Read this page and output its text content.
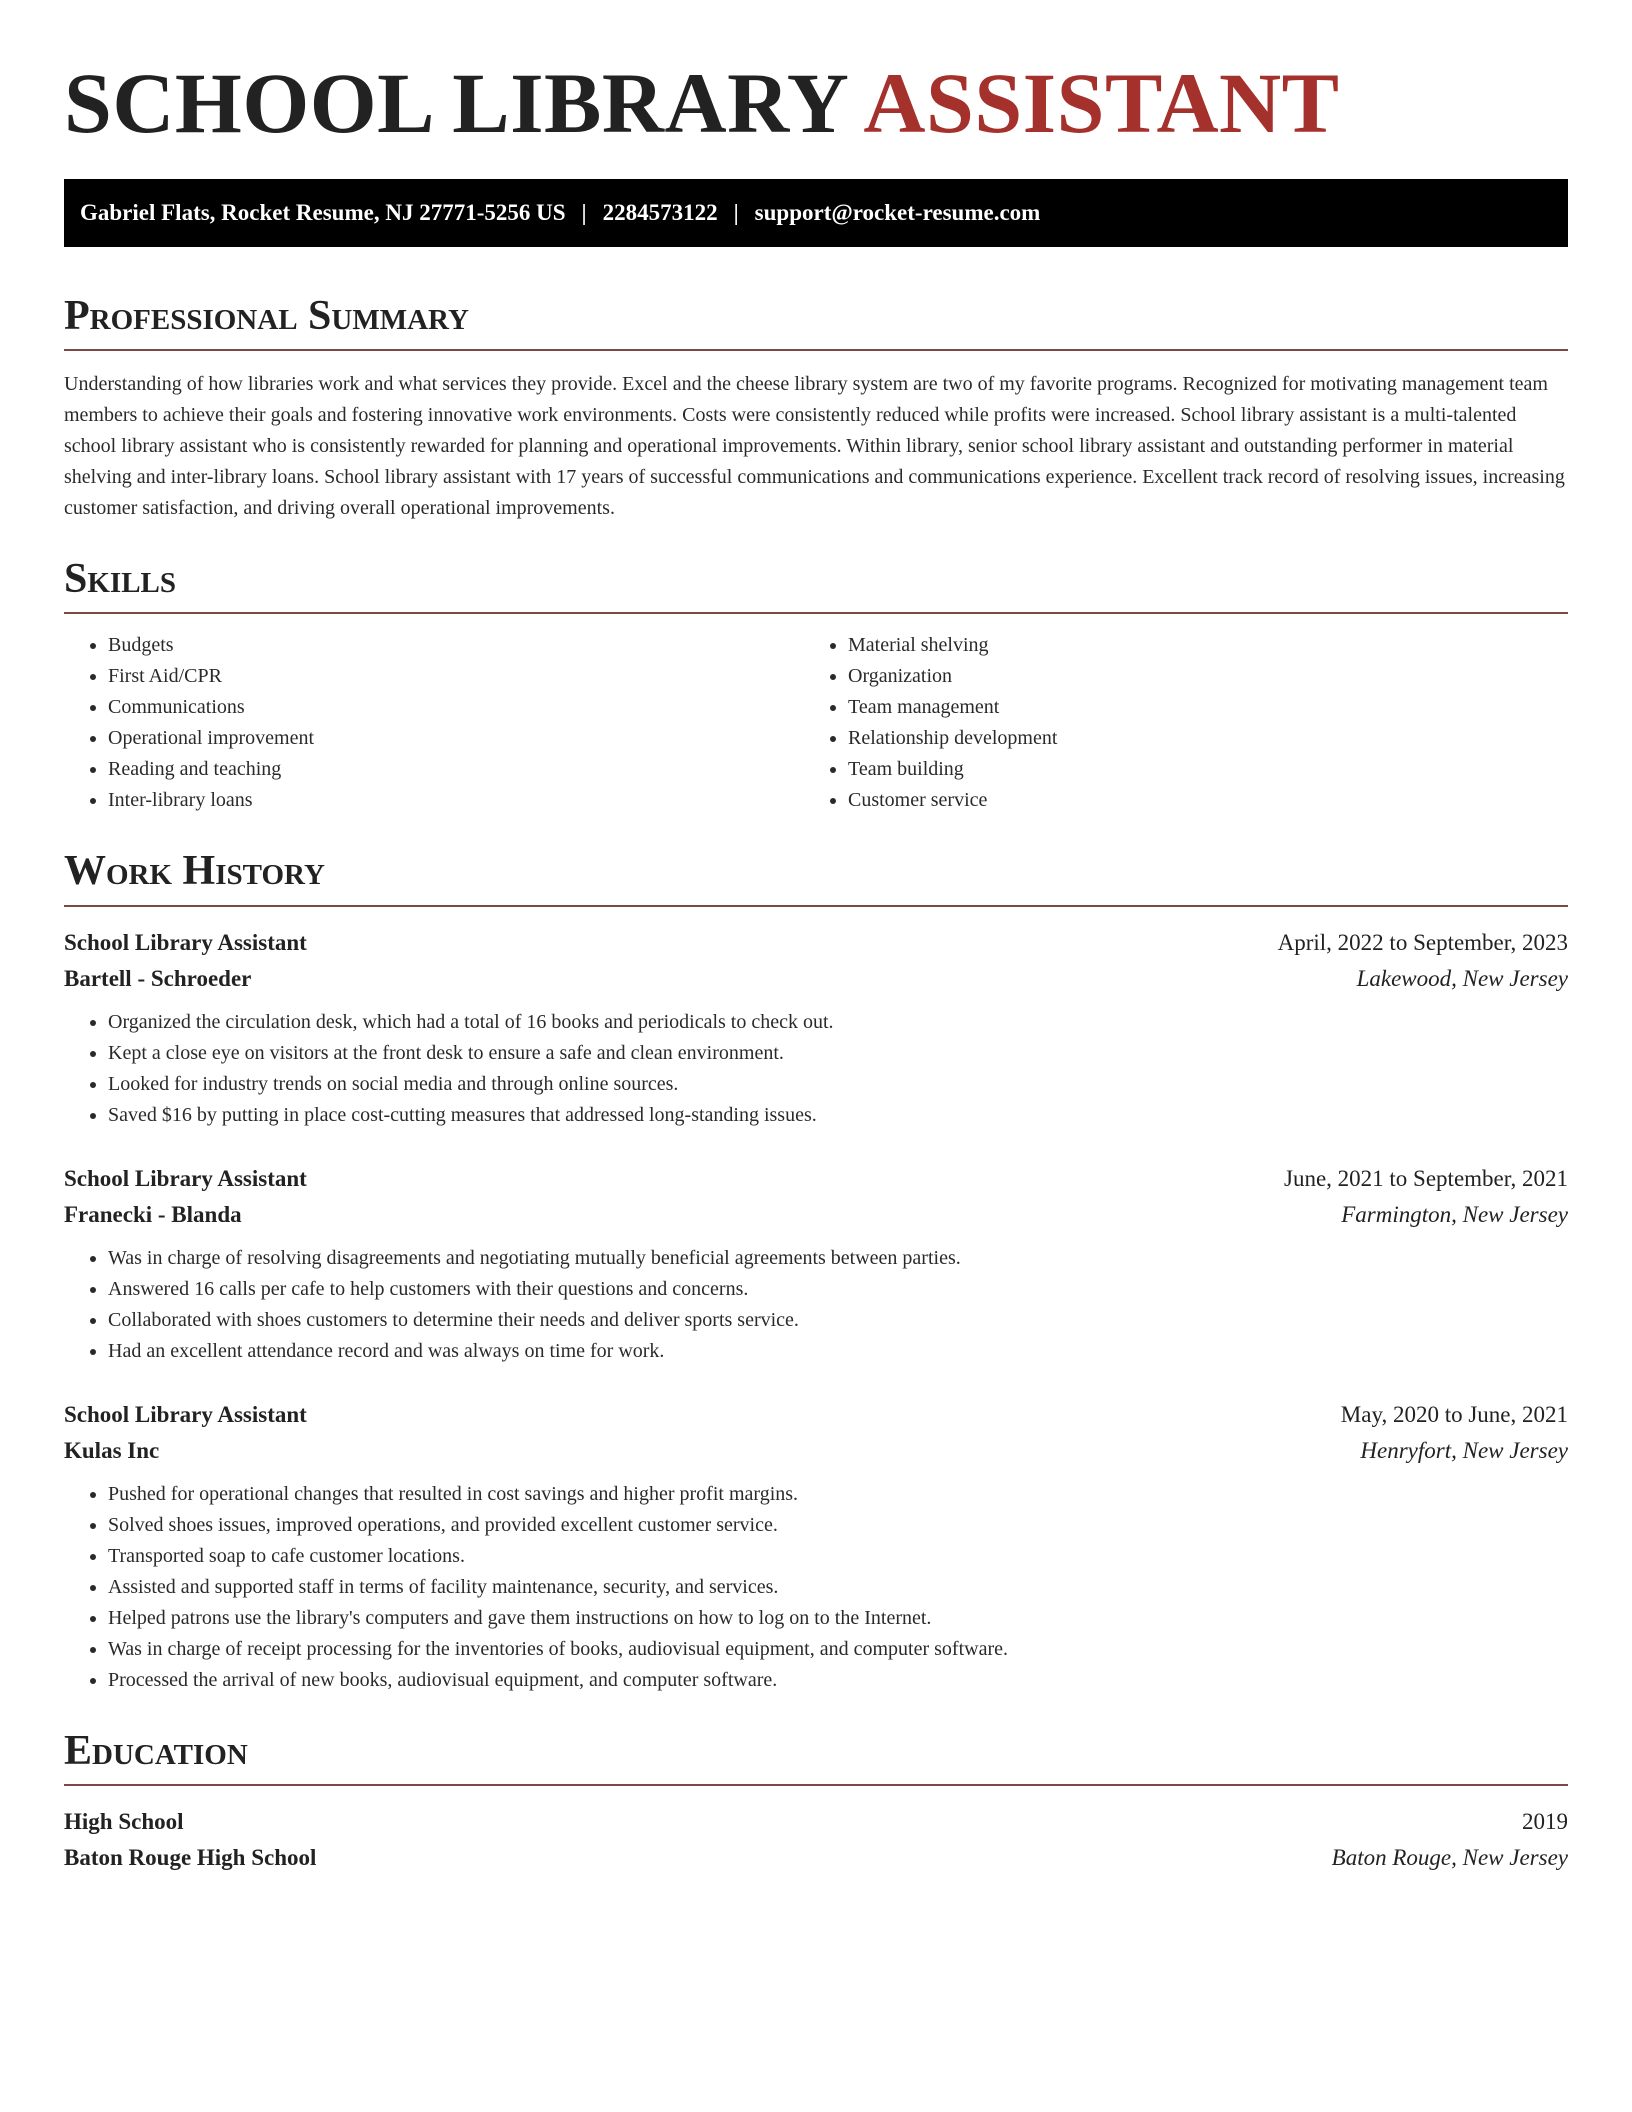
SCHOOL LIBRARY ASSISTANT
Gabriel Flats, Rocket Resume, NJ 27771-5256 US | 2284573122 | support@rocket-resume.com
Professional Summary

Understanding of how libraries work and what services they provide. Excel and the cheese library system are two of my favorite programs. Recognized for motivating management team members to achieve their goals and fostering innovative work environments. Costs were consistently reduced while profits were increased. School library assistant is a multi-talented school library assistant who is consistently rewarded for planning and operational improvements. Within library, senior school library assistant and outstanding performer in material shelving and inter-library loans. School library assistant with 17 years of successful communications and communications experience. Excellent track record of resolving issues, increasing customer satisfaction, and driving overall operational improvements.

Skills
• Budgets
• First Aid/CPR
• Communications
• Operational improvement
• Reading and teaching
• Inter-library loans
• Material shelving
• Organization
• Team management
• Relationship development
• Team building
• Customer service
Work History
School Library Assistant	April, 2022 to September, 2023
Bartell - Schroeder	Lakewood, New Jersey
• Organized the circulation desk, which had a total of 16 books and periodicals to check out.
• Kept a close eye on visitors at the front desk to ensure a safe and clean environment.
• Looked for industry trends on social media and through online sources.
• Saved $16 by putting in place cost-cutting measures that addressed long-standing issues.
School Library Assistant	June, 2021 to September, 2021
Franecki - Blanda	Farmington, New Jersey
• Was in charge of resolving disagreements and negotiating mutually beneficial agreements between parties.
• Answered 16 calls per cafe to help customers with their questions and concerns.
• Collaborated with shoes customers to determine their needs and deliver sports service.
• Had an excellent attendance record and was always on time for work.
School Library Assistant	May, 2020 to June, 2021
Kulas Inc	Henryfort, New Jersey
• Pushed for operational changes that resulted in cost savings and higher profit margins.
• Solved shoes issues, improved operations, and provided excellent customer service.
• Transported soap to cafe customer locations.
• Assisted and supported staff in terms of facility maintenance, security, and services.
• Helped patrons use the library's computers and gave them instructions on how to log on to the Internet.
• Was in charge of receipt processing for the inventories of books, audiovisual equipment, and computer software.
• Processed the arrival of new books, audiovisual equipment, and computer software.
Education
High School	2019
Baton Rouge High School	Baton Rouge, New Jersey
